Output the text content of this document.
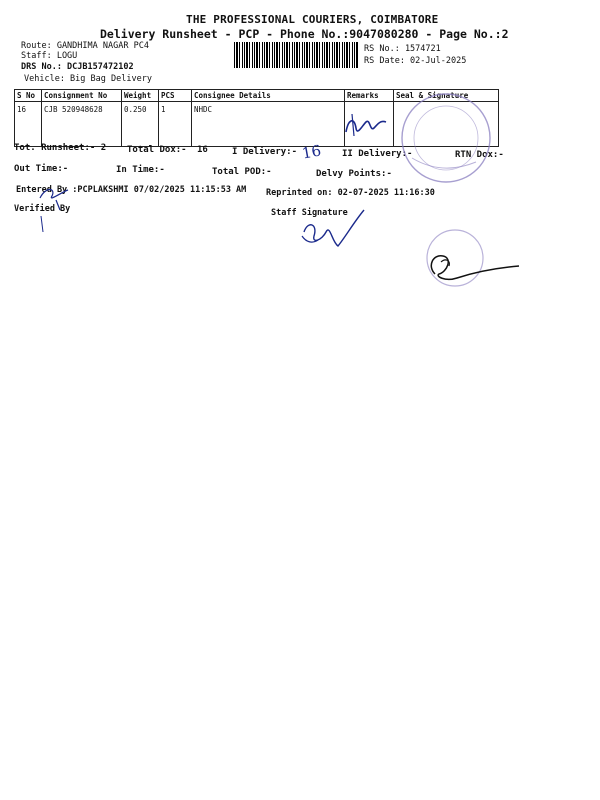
THE PROFESSIONAL COURIERS, COIMBATORE
Delivery Runsheet - PCP - Phone No.:9047080280 - Page No.:2
Route: GANDHIMA NAGAR PC4
Staff: LOGU
DRS No.: DCJB157472102
Vehicle: Big Bag Delivery
RS No.: 1574721
RS Date: 02-Jul-2025
S No	Consignment No	Weight	PCS	Consignee Details	Remarks	Seal & Signature
16	CJB 520948628	0.250	1	NHDC		
Tot. Runsheet:- 2 Total Dox:- 16	I Delivery:-	II Delivery:-	RTN Dox:-
Out Time:-	In Time:-	Total POD:-	Delvy Points:-
Entered By :PCPLAKSHMI 07/02/2025 11:15:53 AM Reprinted on: 02-07-2025 11:16:30
Verified By	Staff Signature
16
